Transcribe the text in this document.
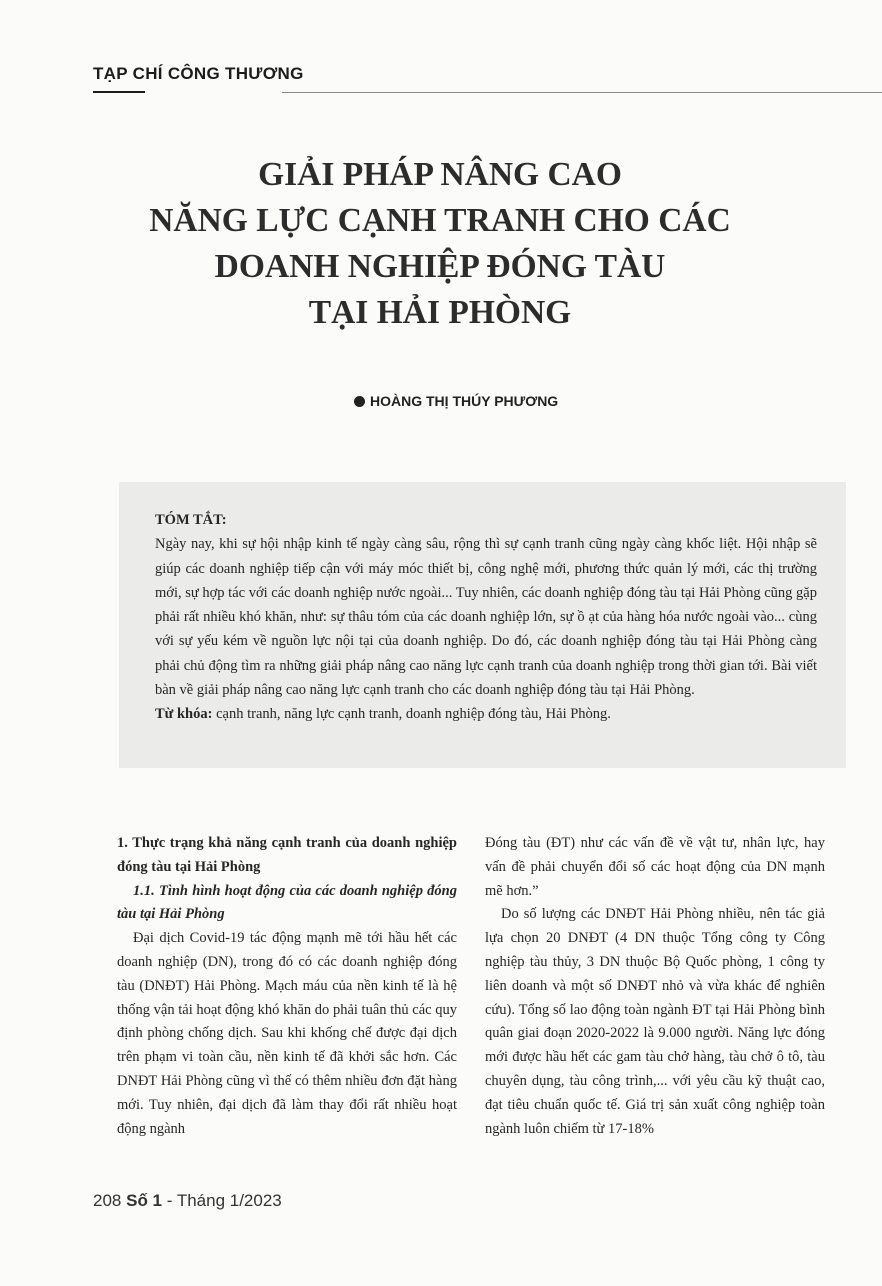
TẠP CHÍ CÔNG THƯƠNG
GIẢI PHÁP NÂNG CAO
NĂNG LỰC CẠNH TRANH CHO CÁC
DOANH NGHIỆP ĐÓNG TÀU
TẠI HẢI PHÒNG
HOÀNG THỊ THÚY PHƯƠNG

TÓM TẮT:

Ngày nay, khi sự hội nhập kinh tế ngày càng sâu, rộng thì sự cạnh tranh cũng ngày càng khốc liệt. Hội nhập sẽ giúp các doanh nghiệp tiếp cận với máy móc thiết bị, công nghệ mới, phương thức quản lý mới, các thị trường mới, sự hợp tác với các doanh nghiệp nước ngoài... Tuy nhiên, các doanh nghiệp đóng tàu tại Hải Phòng cũng gặp phải rất nhiều khó khăn, như: sự thâu tóm của các doanh nghiệp lớn, sự ồ ạt của hàng hóa nước ngoài vào... cùng với sự yếu kém về nguồn lực nội tại của doanh nghiệp. Do đó, các doanh nghiệp đóng tàu tại Hải Phòng càng phải chủ động tìm ra những giải pháp nâng cao năng lực cạnh tranh của doanh nghiệp trong thời gian tới. Bài viết bàn về giải pháp nâng cao năng lực cạnh tranh cho các doanh nghiệp đóng tàu tại Hải Phòng.

Từ khóa: cạnh tranh, năng lực cạnh tranh, doanh nghiệp đóng tàu, Hải Phòng.

1. Thực trạng khả năng cạnh tranh của doanh nghiệp đóng tàu tại Hải Phòng

1.1. Tình hình hoạt động của các doanh nghiệp đóng tàu tại Hải Phòng

Đại dịch Covid-19 tác động mạnh mẽ tới hầu hết các doanh nghiệp (DN), trong đó có các doanh nghiệp đóng tàu (DNĐT) Hải Phòng. Mạch máu của nền kinh tế là hệ thống vận tải hoạt động khó khăn do phải tuân thủ các quy định phòng chống dịch. Sau khi khống chế được đại dịch trên phạm vi toàn cầu, nền kinh tế đã khởi sắc hơn. Các DNĐT Hải Phòng cũng vì thế có thêm nhiều đơn đặt hàng mới. Tuy nhiên, đại dịch đã làm thay đổi rất nhiều hoạt động ngành

Đóng tàu (ĐT) như các vấn đề về vật tư, nhân lực, hay vấn đề phải chuyển đổi số các hoạt động của DN mạnh mẽ hơn.”

Do số lượng các DNĐT Hải Phòng nhiều, nên tác giả lựa chọn 20 DNĐT (4 DN thuộc Tổng công ty Công nghiệp tàu thủy, 3 DN thuộc Bộ Quốc phòng, 1 công ty liên doanh và một số DNĐT nhỏ và vừa khác để nghiên cứu). Tổng số lao động toàn ngành ĐT tại Hải Phòng bình quân giai đoạn 2020-2022 là 9.000 người. Năng lực đóng mới được hầu hết các gam tàu chở hàng, tàu chở ô tô, tàu chuyên dụng, tàu công trình,... với yêu cầu kỹ thuật cao, đạt tiêu chuẩn quốc tế. Giá trị sản xuất công nghiệp toàn ngành luôn chiếm từ 17-18%

208 Số 1 - Tháng 1/2023
